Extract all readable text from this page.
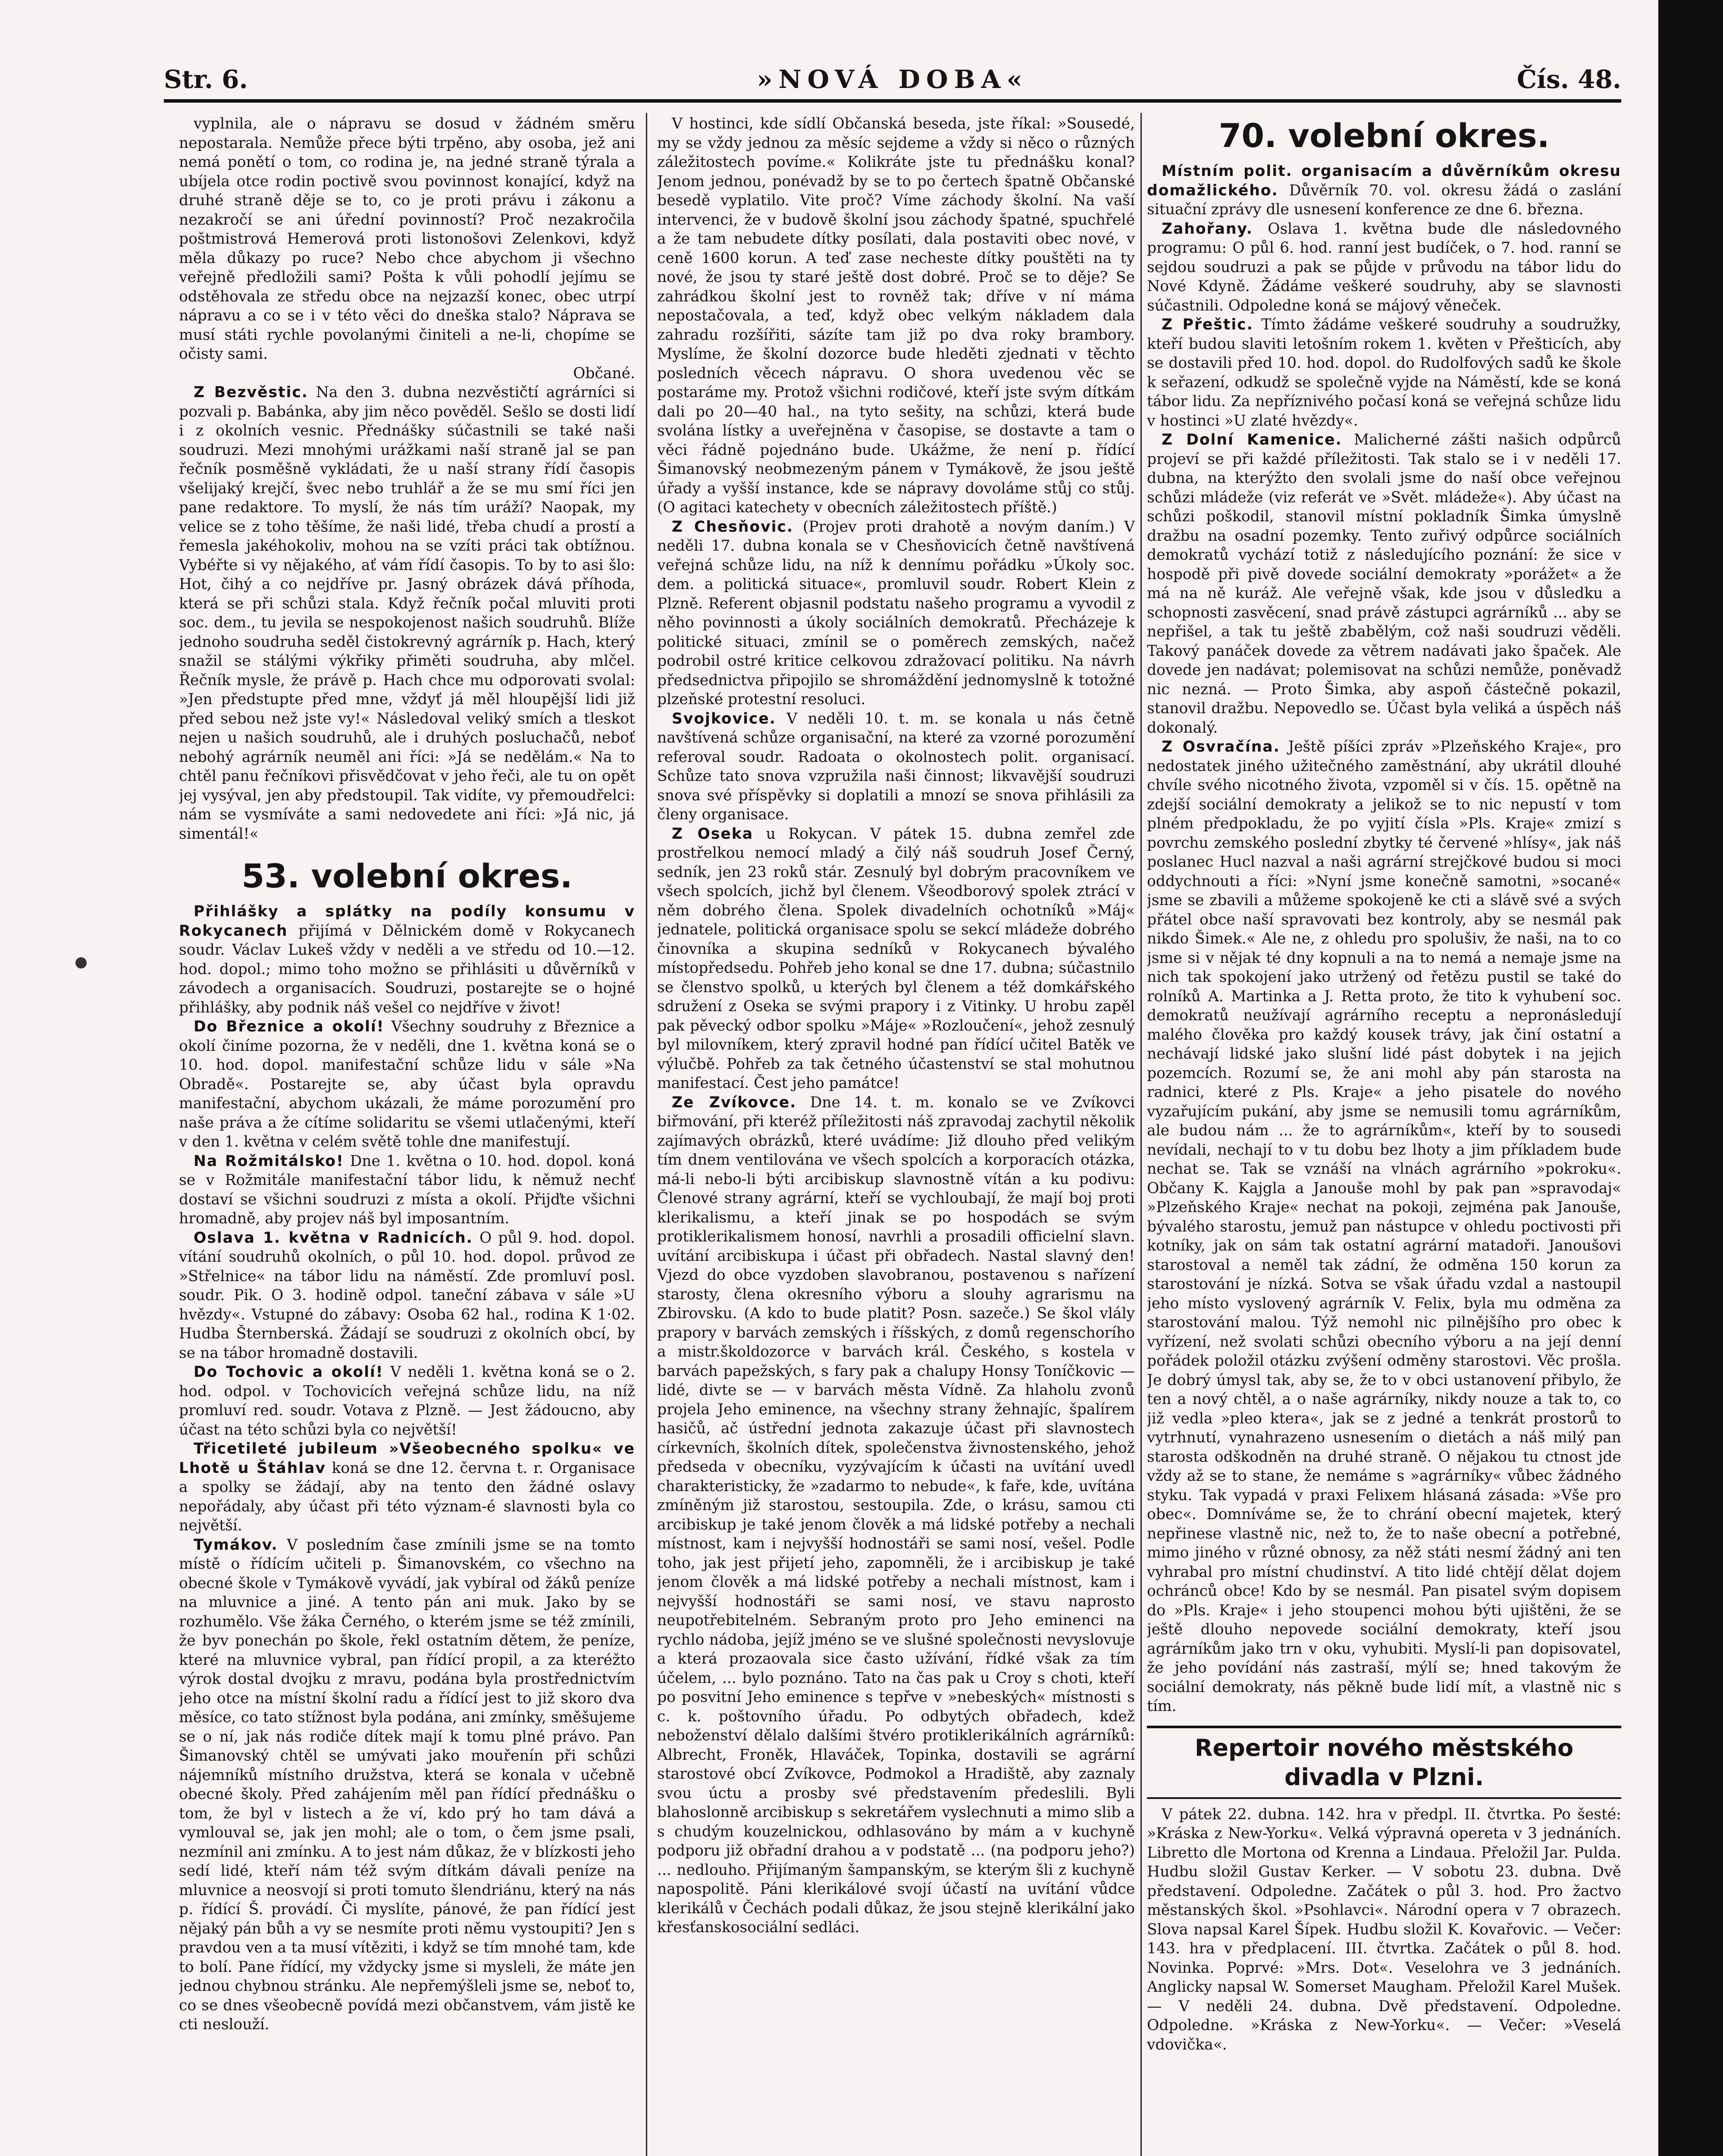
Str. 6.	»NOVÁ DOBA«	Čís. 48.

vyplnila, ale o nápravu se dosud v žádném směru nepostarala. Nemůže přece býti trpěno, aby osoba, jež ani nemá ponětí o tom, co rodina je, na jedné straně týrala a ubíjela otce rodin poctivě svou povinnost konající, když na druhé straně děje se to, co je proti právu i zákonu a nezakročí se ani úřední povinností? Proč nezakročila poštmistrová Hemerová proti listonošovi Zelenkovi, když měla důkazy po ruce? Nebo chce abychom ji všechno veřejně předložili sami? Pošta k vůli pohodlí jejímu se odstěhovala ze středu obce na nejzazší konec, obec utrpí nápravu a co se i v této věci do dneška stalo? Náprava se musí státi rychle povolanými činiteli a ne-li, chopíme se očisty sami.

Občané.

Z Bezvěstic. Na den 3. dubna nezvěstičtí agrárníci si pozvali p. Babánka, aby jim něco pověděl. Sešlo se dosti lidí i z okolních vesnic. Přednášky súčastnili se také naši soudruzi. Mezi mnohými urážkami naší straně jal se pan řečník posměšně vykládati, že u naší strany řídí časopis všelijaký krejčí, švec nebo truhlář a že se mu smí říci jen pane redaktore. To myslí, že nás tím uráží? Naopak, my velice se z toho těšíme, že naši lidé, třeba chudí a prostí a řemesla jakéhokoliv, mohou na se vzíti práci tak obtížnou. Vybéřte si vy nějakého, ať vám řídí časopis. To by to asi šlo: Hot, čihý a co nejdříve pr. Jasný obrázek dává příhoda, která se při schůzi stala. Když řečník počal mluviti proti soc. dem., tu jevila se nespokojenost našich soudruhů. Blíže jednoho soudruha seděl čistokrevný agrárník p. Hach, který snažil se stálými výkřiky přiměti soudruha, aby mlčel. Řečník mysle, že právě p. Hach chce mu odporovati svolal: »Jen předstupte před mne, vždyť já měl hloupější lidi již před sebou než jste vy!« Následoval veliký smích a tleskot nejen u našich soudruhů, ale i druhých posluchačů, neboť nebohý agrárník neuměl ani říci: »Já se nedělám.« Na to chtěl panu řečníkovi přisvědčovat v jeho řeči, ale tu on opět jej vysýval, jen aby předstoupil. Tak vidíte, vy přemoudřelci: nám se vysmíváte a sami nedovedete ani říci: »Já nic, já simentál!«

53. volební okres.

Přihlášky a splátky na podíly konsumu v Rokycanech přijímá v Dělnickém domě v Rokycanech soudr. Václav Lukeš vždy v neděli a ve středu od 10.—12. hod. dopol.; mimo toho možno se přihlásiti u důvěrníků v závodech a organisacích. Soudruzi, postarejte se o hojné přihlášky, aby podnik náš vešel co nejdříve v život!

Do Březnice a okolí! Všechny soudruhy z Březnice a okolí činíme pozorna, že v neděli, dne 1. května koná se o 10. hod. dopol. manifestační schůze lidu v sále »Na Obradě«. Postarejte se, aby účast byla opravdu manifestační, abychom ukázali, že máme porozumění pro naše práva a že cítíme solidaritu se všemi utlačenými, kteří v den 1. května v celém světě tohle dne manifestují.

Na Rožmitálsko! Dne 1. května o 10. hod. dopol. koná se v Rožmitále manifestační tábor lidu, k němuž nechť dostaví se všichni soudruzi z místa a okolí. Přijďte všichni hromadně, aby projev náš byl imposantním.

Oslava 1. května v Radnicích. O půl 9. hod. dopol. vítání soudruhů okolních, o půl 10. hod. dopol. průvod ze »Střelnice« na tábor lidu na náměstí. Zde promluví posl. soudr. Pik. O 3. hodině odpol. taneční zábava v sále »U hvězdy«. Vstupné do zábavy: Osoba 62 hal., rodina K 1·02. Hudba Šternberská. Žádají se soudruzi z okolních obcí, by se na tábor hromadně dostavili.

Do Tochovic a okolí! V neděli 1. května koná se o 2. hod. odpol. v Tochovicích veřejná schůze lidu, na níž promluví red. soudr. Votava z Plzně. — Jest žádoucno, aby účast na této schůzi byla co největší!

Třicetileté jubileum »Všeobecného spolku« ve Lhotě u Štáhlav koná se dne 12. června t. r. Organisace a spolky se žádají, aby na tento den žádné oslavy nepořádaly, aby účast při této význam-é slavnosti byla co největší.

Tymákov. V posledním čase zmínili jsme se na tomto místě o řídícím učiteli p. Šimanovském, co všechno na obecné škole v Tymákově vyvádí, jak vybíral od žáků peníze na mluvnice a jiné. A tento pán ani muk. Jako by se rozhumělo. Vše žáka Černého, o kterém jsme se též zmínili, že byv ponechán po škole, řekl ostatním dětem, že peníze, které na mluvnice vybral, pan řídící propil, a za kteréžto výrok dostal dvojku z mravu, podána byla prostřednictvím jeho otce na místní školní radu a řídící jest to již skoro dva měsíce, co tato stížnost byla podána, ani zmínky, směšujeme se o ní, jak nás rodiče dítek mají k tomu plné právo. Pan Šimanovský chtěl se umývati jako mouřenín při schůzi nájemníků místního družstva, která se konala v učebně obecné školy. Před zahájením měl pan řídící přednášku o tom, že byl v listech a že ví, kdo prý ho tam dává a vymlouval se, jak jen mohl; ale o tom, o čem jsme psali, nezmínil ani zmínku. A to jest nám důkaz, že v blízkosti jeho sedí lidé, kteří nám též svým dítkám dávali peníze na mluvnice a neosvojí si proti tomuto šlendriánu, který na nás p. řídící Š. provádí. Či myslíte, pánové, že pan řídící jest nějaký pán bůh a vy se nesmíte proti němu vystoupiti? Jen s pravdou ven a ta musí vítěziti, i když se tím mnohé tam, kde to bolí. Pane řídící, my vždycky jsme si mysleli, že máte jen jednou chybnou stránku. Ale nepřemýšleli jsme se, neboť to, co se dnes všeobecně povídá mezi občanstvem, vám jistě ke cti neslouží.

V hostinci, kde sídlí Občanská beseda, jste říkal: »Sousedé, my se vždy jednou za měsíc sejdeme a vždy si něco o různých záležitostech povíme.« Kolikráte jste tu přednášku konal? Jenom jednou, ponévadž by se to po čertech špatně Občanské besedě vyplatilo. Vite proč? Víme záchody školní. Na vaší intervenci, že v budově školní jsou záchody špatné, spuchřelé a že tam nebudete dítky posílati, dala postaviti obec nové, v ceně 1600 korun. A teď zase necheste dítky pouštěti na ty nové, že jsou ty staré ještě dost dobré. Proč se to děje? Se zahrádkou školní jest to rovněž tak; dříve v ní máma nepostačovala, a teď, když obec velkým nákladem dala zahradu rozšířiti, sázíte tam již po dva roky brambory. Myslíme, že školní dozorce bude hleděti zjednati v těchto posledních věcech nápravu. O shora uvedenou věc se postaráme my. Protož všichni rodičové, kteří jste svým dítkám dali po 20—40 hal., na tyto sešity, na schůzi, která bude svolána lístky a uveřejněna v časopise, se dostavte a tam o věci řádně pojednáno bude. Ukážme, že není p. řídící Šimanovský neobmezeným pánem v Tymákově, že jsou ještě úřady a vyšší instance, kde se nápravy dovoláme stůj co stůj. (O agitaci katechety v obecních záležitostech příště.)

Z Chesňovic. (Projev proti drahotě a novým daním.) V neděli 17. dubna konala se v Chesňovicích četně navštívená veřejná schůze lidu, na níž k dennímu pořádku »Úkoly soc. dem. a politická situace«, promluvil soudr. Robert Klein z Plzně. Referent objasnil podstatu našeho programu a vyvodil z něho povinnosti a úkoly sociálních demokratů. Přecházeje k politické situaci, zmínil se o poměrech zemských, načež podrobil ostré kritice celkovou zdražovací politiku. Na návrh předsednictva připojilo se shromáždění jednomyslně k totožné plzeňské protestní resoluci.

Svojkovice. V neděli 10. t. m. se konala u nás četně navštívená schůze organisační, na které za vzorné porozumění referoval soudr. Radoata o okolnostech polit. organisací. Schůze tato snova vzpružila naši činnost; likvavější soudruzi snova své příspěvky si doplatili a mnozí se snova přihlásili za členy organisace.

Z Oseka u Rokycan. V pátek 15. dubna zemřel zde prostřelkou nemocí mladý a čilý náš soudruh Josef Černý, sedník, jen 23 roků stár. Zesnulý byl dobrým pracovníkem ve všech spolcích, jichž byl členem. Všeodborový spolek ztrácí v něm dobrého člena. Spolek divadelních ochotníků »Máj« jednatele, politická organisace spolu se sekcí mládeže dobrého činovníka a skupina sedníků v Rokycanech bývalého místopředsedu. Pohřeb jeho konal se dne 17. dubna; súčastnilo se členstvo spolků, u kterých byl členem a též domkářského sdružení z Oseka se svými prapory i z Vitinky. U hrobu zapěl pak pěvecký odbor spolku »Máje« »Rozloučení«, jehož zesnulý byl milovníkem, který zpravil hodné pan řídící učitel Batěk ve výlučbě. Pohřeb za tak četného účastenství se stal mohutnou manifestací. Čest jeho památce!

Ze Zvíkovce. Dne 14. t. m. konalo se ve Zvíkovci biřmování, při kteréž příležitosti náš zpravodaj zachytil několik zajímavých obrázků, které uvádíme: Již dlouho před velikým tím dnem ventilována ve všech spolcích a korporacích otázka, má-li nebo-li býti arcibiskup slavnostně vítán a ku podivu: Členové strany agrární, kteří se vychloubají, že mají boj proti klerikalismu, a kteří jinak se po hospodách se svým protiklerikalismem honosí, navrhli a prosadili officielní slavn. uvítání arcibiskupa i účast při obřadech. Nastal slavný den! Vjezd do obce vyzdoben slavobranou, postavenou s nařízení starosty, člena okresního výboru a slouhy agrarismu na Zbirovsku. (A kdo to bude platit? Posn. sazeče.) Se škol vlály prapory v barvách zemských i říšských, z domů regenschorího a mistr.školdozorce v barvách král. Českého, s kostela v barvách papežských, s fary pak a chalupy Honsy Toníčkovic — lidé, divte se — v barvách města Vídně. Za hlaholu zvonů projela Jeho eminence, na všechny strany žehnajíc, špalírem hasičů, ač ústřední jednota zakazuje účast při slavnostech církevních, školních dítek, společenstva živnostenského, jehož předseda v obecníku, vyzývajícím k účasti na uvítání uvedl charakteristicky, že »zadarmo to nebude«, k faře, kde, uvítána zmíněným již starostou, sestoupila. Zde, o krásu, samou cti arcibiskup je také jenom člověk a má lidské potřeby a nechali místnost, kam i nejvyšší hodnostáři se sami nosí, vešel. Podle toho, jak jest přijetí jeho, zapomněli, že i arcibiskup je také jenom člověk a má lidské potřeby a nechali místnost, kam i nejvyšší hodnostáři se sami nosí, ve stavu naprosto neupotřebitelném. Sebraným proto pro Jeho eminenci na rychlo nádoba, jejíž jméno se ve slušné společnosti nevyslovuje a která prozaovala sice často užívání, řídké však za tím účelem, ... bylo poznáno. Tato na čas pak u Croy s choti, kteří po posvitní Jeho eminence s tepřve v »nebeských« místnosti s c. k. poštovního úřadu. Po odbytých obřadech, kdež neboženství dělalo dalšími štvéro protiklerikálních agrárníků: Albrecht, Froněk, Hlaváček, Topinka, dostavili se agrární starostové obcí Zvíkovce, Podmokol a Hradiště, aby zaznaly svou úctu a prosby své představením předeslili. Byli blahoslonně arcibiskup s sekretářem vyslechnuti a mimo slib a s chudým kouzelnickou, odhlasováno by mám a v kuchyně podporu již obřadní drahou a v podstatě ... (na podporu jeho?) ... nedlouho. Přijímaným šampanským, se kterým šli z kuchyně napospolitě. Páni klerikálové svojí účastí na uvítání vůdce klerikálů v Čechách podali důkaz, že jsou stejně klerikální jako křesťanskosociální sedláci.

70. volební okres.

Místním polit. organisacím a důvěrníkům okresu domažlického. Důvěrník 70. vol. okresu žádá o zaslání situační zprávy dle usnesení konference ze dne 6. března.

Zahořany. Oslava 1. května bude dle následovného programu: O půl 6. hod. ranní jest budíček, o 7. hod. ranní se sejdou soudruzi a pak se půjde v průvodu na tábor lidu do Nové Kdyně. Žádáme veškeré soudruhy, aby se slavnosti súčastnili. Odpoledne koná se májový věneček.

Z Přeštic. Tímto žádáme veškeré soudruhy a soudružky, kteří budou slaviti letošním rokem 1. květen v Přešticích, aby se dostavili před 10. hod. dopol. do Rudolfových sadů ke škole k seřazení, odkudž se společně vyjde na Náměstí, kde se koná tábor lidu. Za nepříznivého počasí koná se veřejná schůze lidu v hostinci »U zlaté hvězdy«.

Z Dolní Kamenice. Malicherné zášti našich odpůrců projeví se při každé příležitosti. Tak stalo se i v neděli 17. dubna, na kterýžto den svolali jsme do naší obce veřejnou schůzi mládeže (viz referát ve »Svět. mládeže«). Aby účast na schůzi poškodil, stanovil místní pokladník Šimka úmyslně dražbu na osadní pozemky. Tento zuřivý odpůrce sociálních demokratů vychází totiž z následujícího poznání: že sice v hospodě při pivě dovede sociální demokraty »porážet« a že má na ně kuráž. Ale veřejně však, kde jsou v důsledku a schopnosti zasvěcení, snad právě zástupci agrárníků ... aby se nepřišel, a tak tu ještě zbabělým, což naši soudruzi věděli. Takový panáček dovede za větrem nadávati jako špaček. Ale dovede jen nadávat; polemisovat na schůzi nemůže, poněvadž nic nezná. — Proto Šimka, aby aspoň částečně pokazil, stanovil dražbu. Nepovedlo se. Účast byla veliká a úspěch náš dokonalý.

Z Osvračína. Ještě píšíci zpráv »Plzeňského Kraje«, pro nedostatek jiného užitečného zaměstnání, aby ukrátil dlouhé chvíle svého nicotného života, vzpoměl si v čís. 15. opětně na zdejší sociální demokraty a jelikož se to nic nepustí v tom plném předpokladu, že po vyjití čísla »Pls. Kraje« zmizí s povrchu zemského poslední zbytky té červené »hlísy«, jak náš poslanec Hucl nazval a naši agrární strejčkové budou si moci oddychnouti a říci: »Nyní jsme konečně samotni, »socané« jsme se zbavili a můžeme spokojeně ke cti a slávě své a svých přátel obce naší spravovati bez kontroly, aby se nesmál pak nikdo Šimek.« Ale ne, z ohledu pro spolušiv, že naši, na to co jsme si v nějak té dny kopnuli a na to nemá a nemaje jsme na nich tak spokojení jako utržený od řetězu pustil se také do rolníků A. Martinka a J. Retta proto, že tito k vyhubení soc. demokratů neužívají agrárního receptu a nepronásledují malého člověka pro každý kousek trávy, jak činí ostatní a nechávají lidské jako slušní lidé pást dobytek i na jejich pozemcích. Rozumí se, že ani mohl aby pán starosta na radnici, které z Pls. Kraje« a jeho pisatele do nového vyzařujícím pukání, aby jsme se nemusili tomu agrárníkům, ale budou nám ... že to agrárníkům«, kteří by to sousedi nevídali, nechají to v tu dobu bez lhoty a jim příkladem bude nechat se. Tak se vznáší na vlnách agrárního »pokroku«. Občany K. Kajgla a Janouše mohl by pak pan »spravodaj« »Plzeňského Kraje« nechat na pokoji, zejména pak Janouše, bývalého starostu, jemuž pan nástupce v ohledu poctivosti při kotníky, jak on sám tak ostatní agrární matadoři. Janoušovi starostoval a neměl tak zádní, že odměna 150 korun za starostování je nízká. Sotva se však úřadu vzdal a nastoupil jeho místo vyslovený agrárník V. Felix, byla mu odměna za starostování malou. Týž nemohl nic pilnějšího pro obec k vyřízení, než svolati schůzi obecního výboru a na její denní pořádek položil otázku zvýšení odměny starostovi. Věc prošla. Je dobrý úmysl tak, aby se, že to v obci ustanovení přibylo, že ten a nový chtěl, a o naše agrárníky, nikdy nouze a tak to, co již vedla »pleo ktera«, jak se z jedné a tenkrát prostorů to vytrhnutí, vynahrazeno usnesením o dietách a náš milý pan starosta odškodněn na druhé straně. O nějakou tu ctnost jde vždy až se to stane, že nemáme s »agrárníky« vůbec žádného styku. Tak vypadá v praxi Felixem hlásaná zásada: »Vše pro obec«. Domníváme se, že to chrání obecní majetek, který nepřinese vlastně nic, než to, že to naše obecní a potřebné, mimo jiného v různé obnosy, za něž státi nesmí žádný ani ten vyhrabal pro místní chudinství. A tito lidé chtějí dělat dojem ochránců obce! Kdo by se nesmál. Pan pisatel svým dopisem do »Pls. Kraje« i jeho stoupenci mohou býti ujištěni, že se ještě dlouho nepovede sociální demokraty, kteří jsou agrárníkům jako trn v oku, vyhubiti. Myslí-li pan dopisovatel, že jeho povídání nás zastraší, mýlí se; hned takovým že sociální demokraty, nás pěkně bude lidí mít, a vlastně nic s tím.

Repertoir nového městského divadla v Plzni.

V pátek 22. dubna. 142. hra v předpl. II. čtvrtka. Po šesté: »Kráska z New-Yorku«. Velká výpravná opereta v 3 jednáních. Libretto dle Mortona od Krenna a Lindaua. Přeložil Jar. Pulda. Hudbu složil Gustav Kerker. — V sobotu 23. dubna. Dvě představení. Odpoledne. Začátek o půl 3. hod. Pro žactvo městanských škol. »Psohlavci«. Národní opera v 7 obrazech. Slova napsal Karel Šípek. Hudbu složil K. Kovařovic. — Večer: 143. hra v předplacení. III. čtvrtka. Začátek o půl 8. hod. Novinka. Poprvé: »Mrs. Dot«. Veselohra ve 3 jednáních. Anglicky napsal W. Somerset Maugham. Přeložil Karel Mušek. — V neděli 24. dubna. Dvě představení. Odpoledne. Odpoledne. »Kráska z New-Yorku«. — Večer: »Veselá vdovička«.
